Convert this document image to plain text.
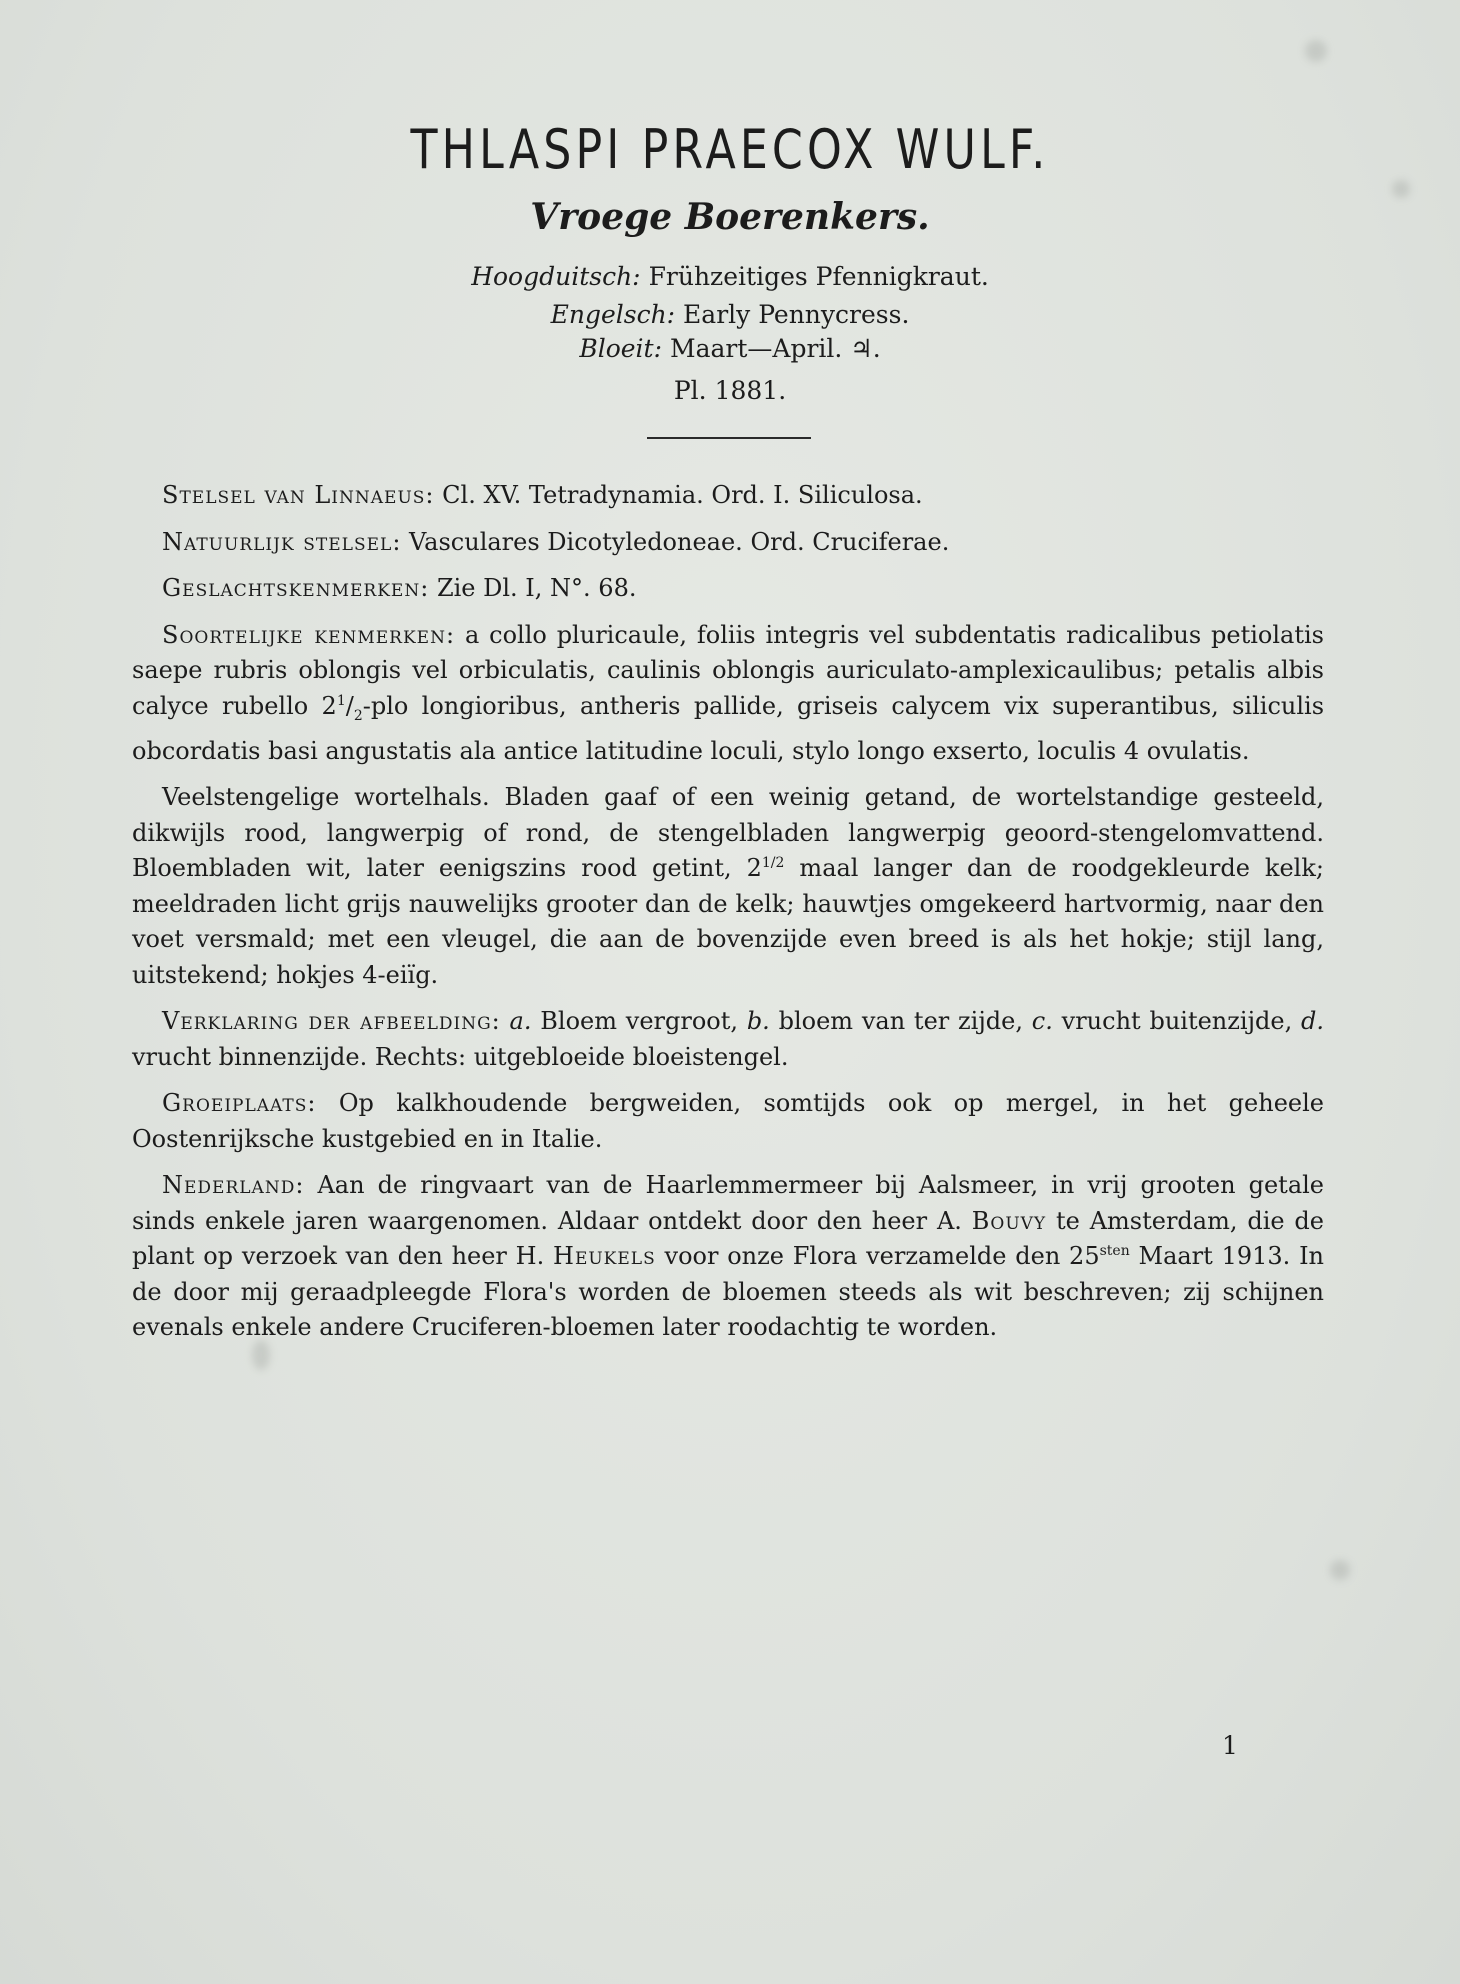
THLASPI PRAECOX WULF.
Vroege Boerenkers.
Hoogduitsch: Frühzeitiges Pfennigkraut.
Engelsch: Early Pennycress.
Bloeit: Maart—April. ♃.
Pl. 1881.

Stelsel van Linnaeus: Cl. XV. Tetradynamia. Ord. I. Siliculosa.

Natuurlijk stelsel: Vasculares Dicotyledoneae. Ord. Cruciferae.

Geslachtskenmerken: Zie Dl. I, N°. 68.

Soortelijke kenmerken: a collo pluricaule, foliis integris vel subdentatis radicalibus petiolatis saepe rubris oblongis vel orbiculatis, caulinis oblongis auriculato-amplexicaulibus; petalis albis calyce rubello $2^1/_2$-plo longioribus, antheris pallide, griseis calycem vix superantibus, siliculis obcordatis basi angustatis ala antice latitudine loculi, stylo longo exserto, loculis 4 ovulatis.

Veelstengelige wortelhals. Bladen gaaf of een weinig getand, de wortelstandige gesteeld, dikwijls rood, langwerpig of rond, de stengelbladen langwerpig geoord-stengelomvattend. Bloembladen wit, later eenigszins rood getint, $2^{1/2}$ maal langer dan de roodgekleurde kelk; meeldraden licht grijs nauwelijks grooter dan de kelk; hauwtjes omgekeerd hartvormig, naar den voet versmald; met een vleugel, die aan de bovenzijde even breed is als het hokje; stijl lang, uitstekend; hokjes 4-eiïg.

Verklaring der afbeelding: a. Bloem vergroot, b. bloem van ter zijde, c. vrucht buitenzijde, d. vrucht binnenzijde. Rechts: uitgebloeide bloeistengel.

Groeiplaats: Op kalkhoudende bergweiden, somtijds ook op mergel, in het geheele Oostenrijksche kustgebied en in Italie.

Nederland: Aan de ringvaart van de Haarlemmermeer bij Aalsmeer, in vrij grooten getale sinds enkele jaren waargenomen. Aldaar ontdekt door den heer A. Bouvy te Amsterdam, die de plant op verzoek van den heer H. Heukels voor onze Flora verzamelde den $25^{sten}$ Maart 1913. In de door mij geraadpleegde Flora's worden de bloemen steeds als wit beschreven; zij schijnen evenals enkele andere Cruciferen-bloemen later roodachtig te worden.

1
